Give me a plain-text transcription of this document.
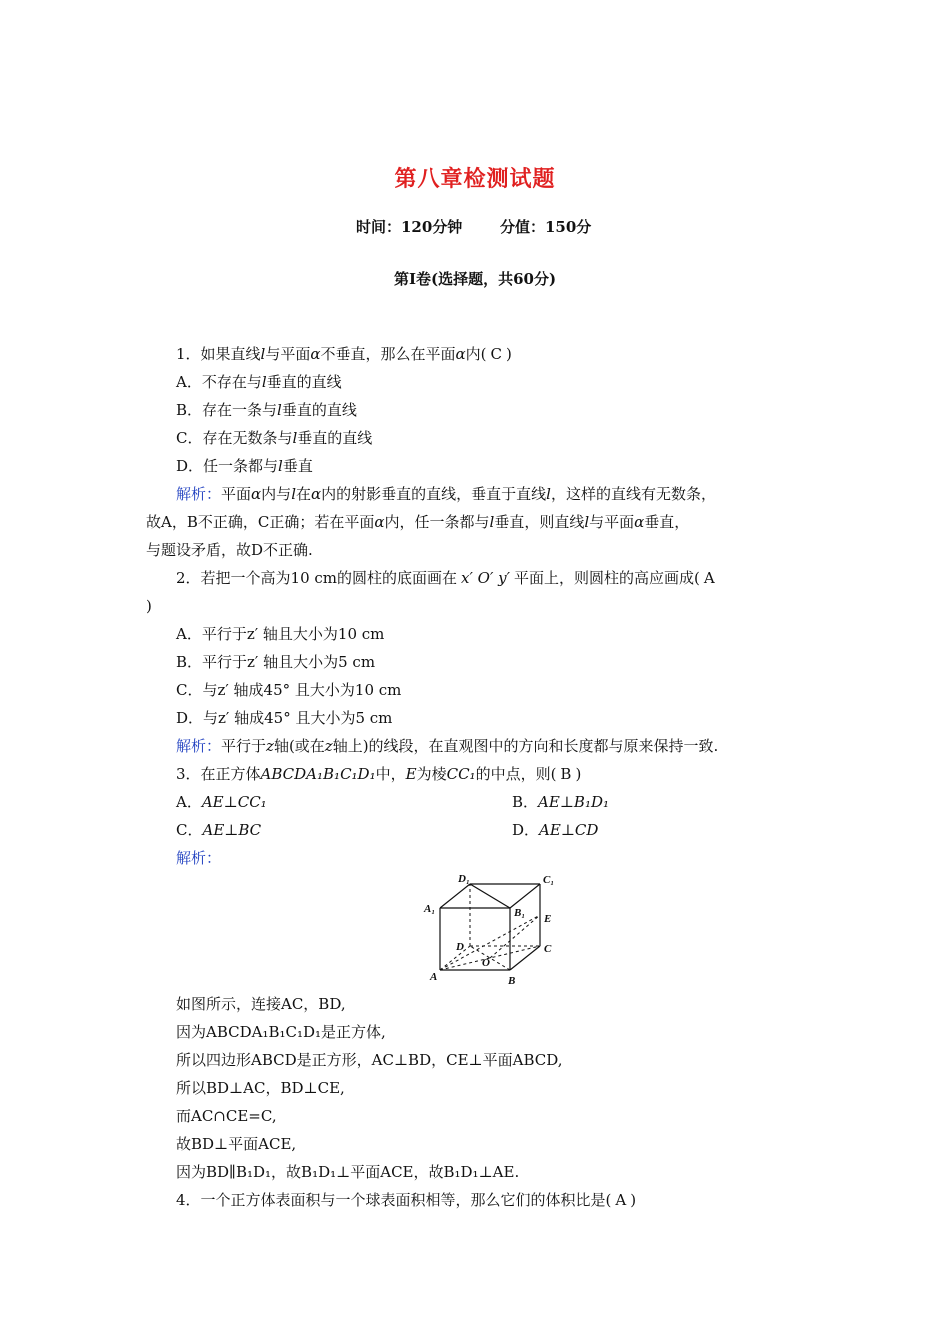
第八章检测试题
时间：120分钟	分值：150分
第Ⅰ卷(选择题，共60分)
1．如果直线l与平面α不垂直，那么在平面α内( C )
A．不存在与l垂直的直线
B．存在一条与l垂直的直线
C．存在无数条与l垂直的直线
D．任一条都与l垂直
解析：平面α内与l在α内的射影垂直的直线，垂直于直线l，这样的直线有无数条，
故A，B不正确，C正确；若在平面α内，任一条都与l垂直，则直线l与平面α垂直，
与题设矛盾，故D不正确.
2．若把一个高为10 cm的圆柱的底面画在 x′ O′ y′ 平面上，则圆柱的高应画成( A
)
A．平行于z′ 轴且大小为10 cm
B．平行于z′ 轴且大小为5 cm
C．与z′ 轴成45° 且大小为10 cm
D．与z′ 轴成45° 且大小为5 cm
解析：平行于z轴(或在z轴上)的线段，在直观图中的方向和长度都与原来保持一致.
3．在正方体ABCDA₁B₁C₁D₁中，E为棱CC₁的中点，则( B )
A．AE⊥CC₁	B．AE⊥B₁D₁
C．AE⊥BC	D．AE⊥CD
解析：
D₁	C₁
A₁	B₁ E
D	C
A
O
B
如图所示，连接AC，BD,
因为ABCDA₁B₁C₁D₁是正方体,
所以四边形ABCD是正方形，AC⊥BD，CE⊥平面ABCD,
所以BD⊥AC，BD⊥CE,
而AC∩CE=C,
故BD⊥平面ACE,
因为BD∥B₁D₁，故B₁D₁⊥平面ACE，故B₁D₁⊥AE.
4．一个正方体表面积与一个球表面积相等，那么它们的体积比是( A )
